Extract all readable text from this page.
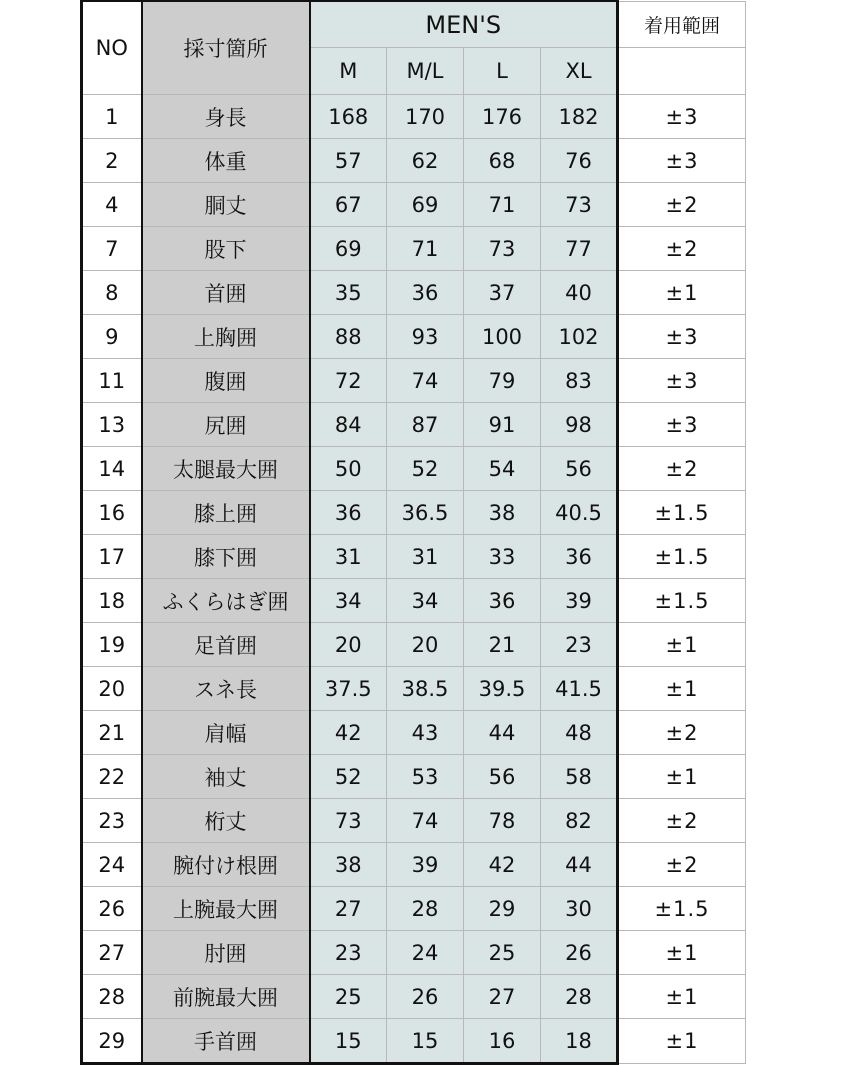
NO	採寸箇所	MEN'S				着用範囲
		M	M/L	L	XL	
1	身長	168	170	176	182	±3
2	体重	57	62	68	76	±3
4	胴丈	67	69	71	73	±2
7	股下	69	71	73	77	±2
8	首囲	35	36	37	40	±1
9	上胸囲	88	93	100	102	±3
11	腹囲	72	74	79	83	±3
13	尻囲	84	87	91	98	±3
14	太腿最大囲	50	52	54	56	±2
16	膝上囲	36	36.5	38	40.5	±1.5
17	膝下囲	31	31	33	36	±1.5
18	ふくらはぎ囲	34	34	36	39	±1.5
19	足首囲	20	20	21	23	±1
20	スネ長	37.5	38.5	39.5	41.5	±1
21	肩幅	42	43	44	48	±2
22	袖丈	52	53	56	58	±1
23	桁丈	73	74	78	82	±2
24	腕付け根囲	38	39	42	44	±2
26	上腕最大囲	27	28	29	30	±1.5
27	肘囲	23	24	25	26	±1
28	前腕最大囲	25	26	27	28	±1
29	手首囲	15	15	16	18	±1
